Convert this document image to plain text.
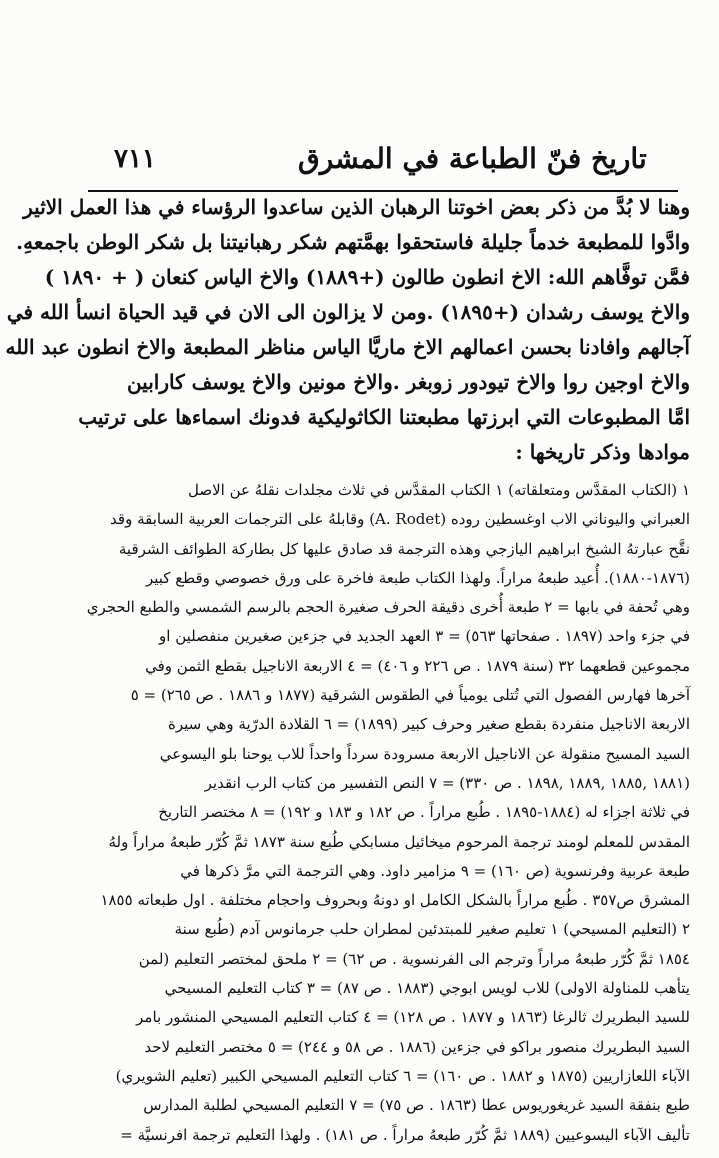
٧١١	تاريخ فنّ الطباعة في المشرق
وهنا لا بُدَّ من ذكر بعض اخوتنا الرهبان الذين ساعدوا الرؤساء في هذا العمل الاثير
وادَّوا للمطبعة خدماً جليلة فاستحقوا بهمَّتهم شكر رهبانيتنا بل شكر الوطن باجمعهِ.
فمَّن توفَّاهم الله: الاخ انطون طالون (+١٨٨٩) والاخ الياس كنعان ( + ١٨٩٠ )
والاخ يوسف رشدان (+١٨٩٥) .ومن لا يزالون الى الان في قيد الحياة انسأ الله في
آجالهم وافادنا بحسن اعمالهم الاخ ماريَّا الياس مناظر المطبعة والاخ انطون عبد الله
والاخ اوجين روا والاخ تيودور زوبغر .والاخ مونين والاخ يوسف كارابين
امَّا المطبوعات التي ابرزتها مطبعتنا الكاثوليكية فدونك اسماءها على ترتيب
موادها وذكر تاريخها :
١ (الكتاب المقدَّس ومتعلقاته) ١ الكتاب المقدَّس في ثلاث مجلدات نقلهُ عن الاصل
العبراني واليوناني الاب اوغسطين روده (A. Rodet) وقابلهُ على الترجمات العربية السابقة وقد
نقَّح عبارتهُ الشيخ ابراهيم اليازجي وهذه الترجمة قد صادق عليها كل بطاركة الطوائف الشرقية
(١٨٧٦-١٨٨٠). أُعيد طبعهُ مراراً. ولهذا الكتاب طبعة فاخرة على ورق خصوصي وقطع كبير
وهي تُحفة في بابها = ٢ طبعة أُخرى دقيقة الحرف صغيرة الحجم بالرسم الشمسي والطبع الحجري
في جزء واحد (١٨٩٧ . صفحاتها ٥٦٣) = ٣ العهد الجديد في جزءين صغيرين منفصلين او
مجموعين قطعهما ٣٢ (سنة ١٨٧٩ . ص ٢٢٦ و ٤٠٦) = ٤ الاربعة الاناجيل بقطع الثمن وفي
آخرها فهارس الفصول التي تُتلى يومياً في الطقوس الشرقية (١٨٧٧ و ١٨٨٦ . ص ٢٦٥) = ٥
الاربعة الاناجيل منفردة بقطع صغير وحرف كبير (١٨٩٩) = ٦ القلادة الدرّية وهي سيرة
السيد المسيح منقولة عن الاناجيل الاربعة مسرودة سرداً واحداً للاب يوحنا بلو اليسوعي
(١٨٨١ ,١٨٨٥ ,١٨٨٩ ,١٨٩٨ . ص ٣٣٠) = ٧ النص التفسير من كتاب الرب انقدير
في ثلاثة اجزاء له (١٨٨٤-١٨٩٥ . طُبع مراراً . ص ١٨٢ و ١٨٣ و ١٩٢) = ٨ مختصر التاريخ
المقدس للمعلم لومند ترجمة المرحوم ميخائيل مسابكي طُبع سنة ١٨٧٣ ثمَّ كُرّر طبعهُ مراراً ولهُ
طبعة عربية وفرنسوية (ص ١٦٠) = ٩ مزامير داود. وهي الترجمة التي مرَّ ذكرها في
المشرق ص٣٥٧ . طُبع مراراً بالشكل الكامل او دونهُ وبحروف واحجام مختلفة . اول طبعاته ١٨٥٥
٢ (التعليم المسيحي) ١ تعليم صغير للمبتدئين لمطران حلب جرمانوس آدم (طُبع سنة
١٨٥٤ ثمَّ كُرّر طبعهُ مراراً وترجم الى الفرنسوية . ص ٦٢) = ٢ ملحق لمختصر التعليم (لمن
يتأهب للمناولة الاولى) للاب لويس ابوجي (١٨٨٣ . ص ٨٧) = ٣ كتاب التعليم المسيحي
للسيد البطريرك ثالرغا (١٨٦٣ و ١٨٧٧ . ص ١٢٨) = ٤ كتاب التعليم المسيحي المنشور بامر
السيد البطريرك منصور براكو في جزءين (١٨٨٦ . ص ٥٨ و ٢٤٤) = ٥ مختصر التعليم لاحد
الآباء اللعازاريين (١٨٧٥ و ١٨٨٢ . ص ١٦٠) = ٦ كتاب التعليم المسيحي الكبير (تعليم الشويري)
طبع بنفقة السيد غريغوريوس عطا (١٨٦٣ . ص ٧٥) = ٧ التعليم المسيحي لطلبة المدارس
تأليف الآباء اليسوعيين (١٨٨٩ ثمَّ كُرّر طبعهُ مراراً . ص ١٨١) . ولهذا التعليم ترجمة افرنسيَّة =
